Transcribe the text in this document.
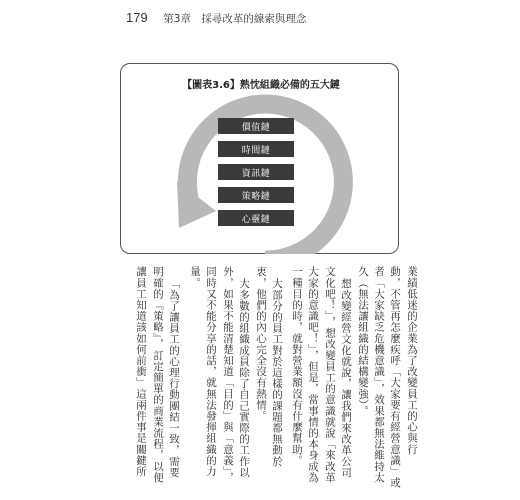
179 第3章　採尋改革的線索與理念
【圖表3.6】熟忱組織必備的五大鏈
價值鏈
時間鏈
資訊鏈
策略鏈
心靈鏈
業績低迷的企業為了改變員工的心與行
動，不管再怎麼疾呼「大家要有經營意識」或
者「大家缺乏危機意識」，效果都無法維持太
久（無法讓組織的結構變強）。
想改變經營文化就說，讓我們來改革公司
文化吧！」，想改變員工的意識就說「來改革
大家的意識吧！」，但是，當事情的本身成為
一種目的時，就對營業額沒有什麼幫助。
大部分的員工對於這樣的課題都無動於
衷，他們的內心完全沒有熱情。
大多數的組織成員除了自己實際的工作以
外，如果不能清楚知道「目的」與「意義」，
同時又不能分享的話，就無法發揮組織的力
量。
「為了讓員工的心理行動團結一致，需要
明確的『策略』，訂定簡單的商業流程，以便
讓員工知道該如何前衝」這兩件事是關鍵所
